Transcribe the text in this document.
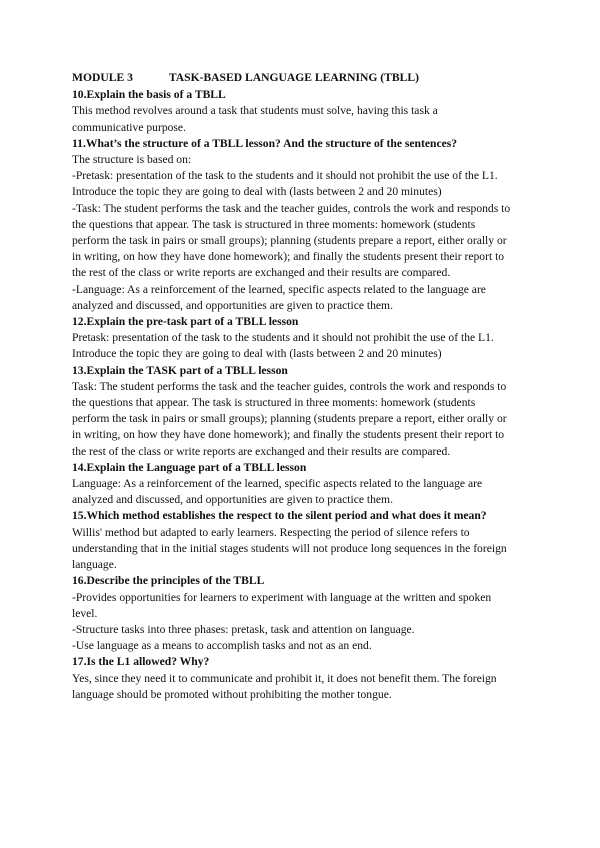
MODULE 3	TASK-BASED LANGUAGE LEARNING (TBLL)
10.Explain the basis of a TBLL
This method revolves around a task that students must solve, having this task a communicative purpose.
11.What’s the structure of a TBLL lesson? And the structure of the sentences?
The structure is based on:
-Pretask: presentation of the task to the students and it should not prohibit the use of the L1. Introduce the topic they are going to deal with (lasts between 2 and 20 minutes)
-Task: The student performs the task and the teacher guides, controls the work and responds to the questions that appear. The task is structured in three moments: homework (students perform the task in pairs or small groups); planning (students prepare a report, either orally or in writing, on how they have done homework); and finally the students present their report to the rest of the class or write reports are exchanged and their results are compared.
-Language: As a reinforcement of the learned, specific aspects related to the language are analyzed and discussed, and opportunities are given to practice them.
12.Explain the pre-task part of a TBLL lesson
Pretask: presentation of the task to the students and it should not prohibit the use of the L1. Introduce the topic they are going to deal with (lasts between 2 and 20 minutes)
13.Explain the TASK part of a TBLL lesson
Task: The student performs the task and the teacher guides, controls the work and responds to the questions that appear. The task is structured in three moments: homework (students perform the task in pairs or small groups); planning (students prepare a report, either orally or in writing, on how they have done homework); and finally the students present their report to the rest of the class or write reports are exchanged and their results are compared.
14.Explain the Language part of a TBLL lesson
Language: As a reinforcement of the learned, specific aspects related to the language are analyzed and discussed, and opportunities are given to practice them.
15.Which method establishes the respect to the silent period and what does it mean?
Willis' method but adapted to early learners. Respecting the period of silence refers to understanding that in the initial stages students will not produce long sequences in the foreign language.
16.Describe the principles of the TBLL
-Provides opportunities for learners to experiment with language at the written and spoken level.
-Structure tasks into three phases: pretask, task and attention on language.
-Use language as a means to accomplish tasks and not as an end.
17.Is the L1 allowed? Why?
Yes, since they need it to communicate and prohibit it, it does not benefit them. The foreign language should be promoted without prohibiting the mother tongue.
